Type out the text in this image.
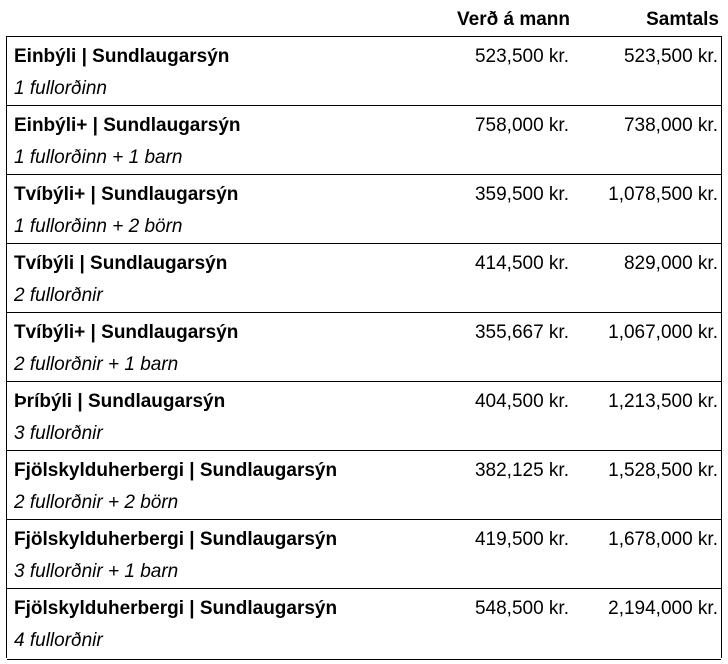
Verð á mann	Samtals
Einbýli | Sundlaugarsýn
1 fullorðinn
523,500 kr.	523,500 kr.
Einbýli+ | Sundlaugarsýn
1 fullorðinn + 1 barn
758,000 kr.	738,000 kr.
Tvíbýli+ | Sundlaugarsýn
1 fullorðinn + 2 börn
359,500 kr. 1,078,500 kr.
Tvíbýli | Sundlaugarsýn
2 fullorðnir
414,500 kr.	829,000 kr.
Tvíbýli+ | Sundlaugarsýn
2 fullorðnir + 1 barn
355,667 kr. 1,067,000 kr.
Þríbýli | Sundlaugarsýn
3 fullorðnir
404,500 kr. 1,213,500 kr.
Fjölskylduherbergi | Sundlaugarsýn
2 fullorðnir + 2 börn
382,125 kr. 1,528,500 kr.
Fjölskylduherbergi | Sundlaugarsýn
3 fullorðnir + 1 barn
419,500 kr. 1,678,000 kr.
Fjölskylduherbergi | Sundlaugarsýn
4 fullorðnir
548,500 kr. 2,194,000 kr.
